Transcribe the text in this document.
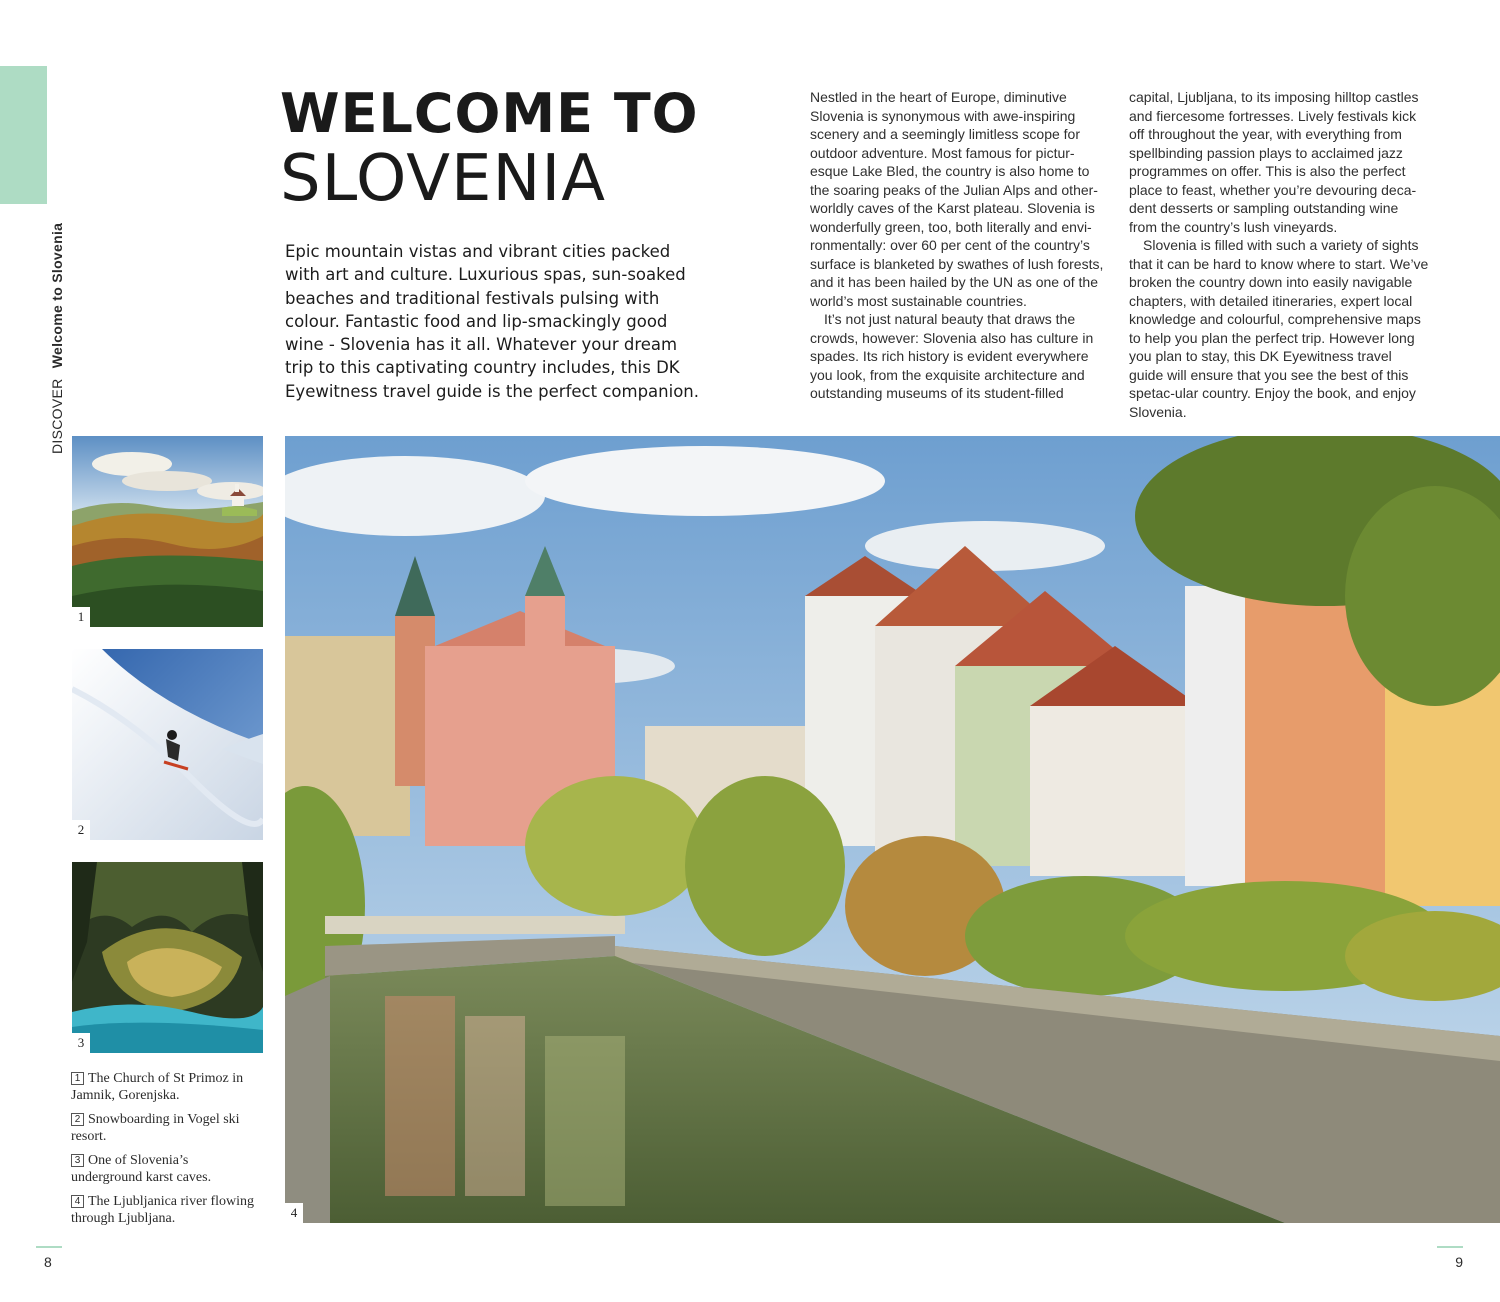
DISCOVER Welcome to Slovenia
WELCOME TO
SLOVENIA

Epic mountain vistas and vibrant cities packed with art and culture. Luxurious spas, sun-soaked beaches and traditional festivals pulsing with colour. Fantastic food and lip-smackingly good wine - Slovenia has it all. Whatever your dream trip to this captivating country includes, this DK Eyewitness travel guide is the perfect companion.

Nestled in the heart of Europe, diminutive Slovenia is synonymous with awe-inspiring scenery and a seemingly limitless scope for outdoor adventure. Most famous for pictur-esque Lake Bled, the country is also home to the soaring peaks of the Julian Alps and other-worldly caves of the Karst plateau. Slovenia is wonderfully green, too, both literally and envi-ronmentally: over 60 per cent of the country’s surface is blanketed by swathes of lush forests, and it has been hailed by the UN as one of the world’s most sustainable countries.

It’s not just natural beauty that draws the crowds, however: Slovenia also has culture in spades. Its rich history is evident everywhere you look, from the exquisite architecture and outstanding museums of its student-filled

capital, Ljubljana, to its imposing hilltop castles and fiercesome fortresses. Lively festivals kick off throughout the year, with everything from spellbinding passion plays to acclaimed jazz programmes on offer. This is also the perfect place to feast, whether you’re devouring deca-dent desserts or sampling outstanding wine from the country’s lush vineyards.

Slovenia is filled with such a variety of sights that it can be hard to know where to start. We’ve broken the country down into easily navigable chapters, with detailed itineraries, expert local knowledge and colourful, comprehensive maps to help you plan the perfect trip. However long you plan to stay, this DK Eyewitness travel guide will ensure that you see the best of this spetac-ular country. Enjoy the book, and enjoy Slovenia.

1
2
3
4

1 The Church of St Primoz in Jamnik, Gorenjska.

2 Snowboarding in Vogel ski resort.

3 One of Slovenia’s underground karst caves.

4 The Ljubljanica river flowing through Ljubljana.

8	9
